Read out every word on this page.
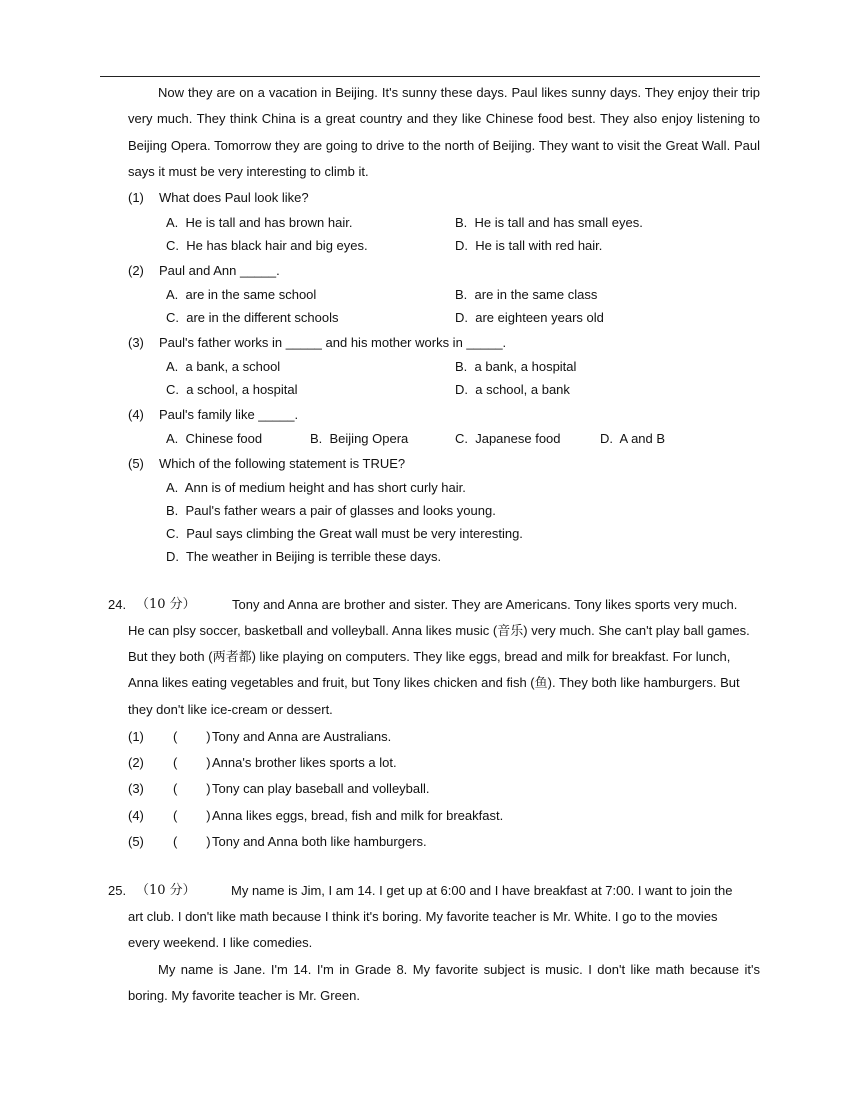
Now they are on a vacation in Beijing. It's sunny these days. Paul likes sunny days. They enjoy their trip very much. They think China is a great country and they like Chinese food best. They also enjoy listening to Beijing Opera. Tomorrow they are going to drive to the north of Beijing. They want to visit the Great Wall. Paul says it must be very interesting to climb it.
(1) What does Paul look like?
A.  He is tall and has brown hair.	B.  He is tall and has small eyes.
C.  He has black hair and big eyes.	D.  He is tall with red hair.
(2) Paul and Ann _____.
A.  are in the same school	B.  are in the same class
C.  are in the different schools	D.  are eighteen years old
(3) Paul's father works in _____ and his mother works in _____.
A.  a bank, a school	B.  a bank, a hospital
C.  a school, a hospital	D.  a school, a bank
(4) Paul's family like _____.
A.  Chinese food	B.  Beijing Opera	C.  Japanese food	D.  A and B
(5) Which of the following statement is TRUE?
A.  Ann is of medium height and has short curly hair.
B.  Paul's father wears a pair of glasses and looks young.
C.  Paul says climbing the Great wall must be very interesting.
D.  The weather in Beijing is terrible these days.
24. （10 分）	Tony and Anna are brother and sister. They are Americans. Tony likes sports very much.
He can plsy soccer, basketball and volleyball. Anna likes music (音乐) very much. She can't play ball games.
But they both (两者都) like playing on computers. They like eggs, bread and milk for breakfast. For lunch,
Anna likes eating vegetables and fruit, but Tony likes chicken and fish (鱼). They both like hamburgers. But
they don't like ice-cream or dessert.
(1) (        ) Tony and Anna are Australians.
(2) (        ) Anna's brother likes sports a lot.
(3) (        ) Tony can play baseball and volleyball.
(4) (        ) Anna likes eggs, bread, fish and milk for breakfast.
(5) (        ) Tony and Anna both like hamburgers.
25. （10 分）	My name is Jim, I am 14. I get up at 6:00 and I have breakfast at 7:00. I want to join the
art club. I don't like math because I think it's boring. My favorite teacher is Mr. White. I go to the movies
every weekend. I like comedies.
My name is Jane. I'm 14. I'm in Grade 8. My favorite subject is music. I don't like math because it's boring. My favorite teacher is Mr. Green.
